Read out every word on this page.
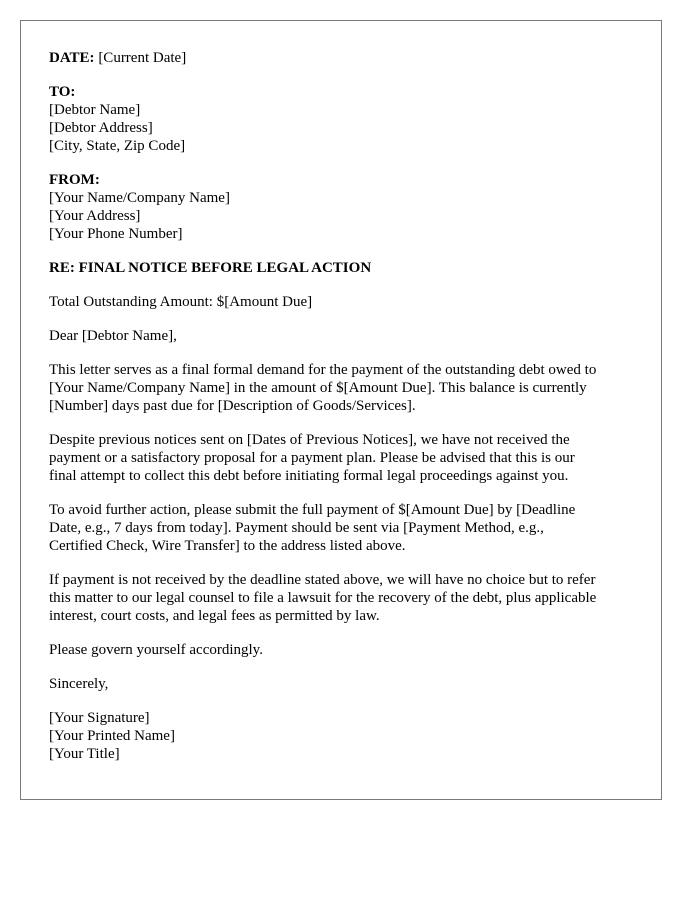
DATE: [Current Date]
TO:
[Debtor Name]
[Debtor Address]
[City, State, Zip Code]
FROM:
[Your Name/Company Name]
[Your Address]
[Your Phone Number]

RE: FINAL NOTICE BEFORE LEGAL ACTION

Total Outstanding Amount: $[Amount Due]

Dear [Debtor Name],

This letter serves as a final formal demand for the payment of the outstanding debt owed to
[Your Name/Company Name] in the amount of $[Amount Due]. This balance is currently
[Number] days past due for [Description of Goods/Services].

Despite previous notices sent on [Dates of Previous Notices], we have not received the
payment or a satisfactory proposal for a payment plan. Please be advised that this is our
final attempt to collect this debt before initiating formal legal proceedings against you.

To avoid further action, please submit the full payment of $[Amount Due] by [Deadline
Date, e.g., 7 days from today]. Payment should be sent via [Payment Method, e.g.,
Certified Check, Wire Transfer] to the address listed above.

If payment is not received by the deadline stated above, we will have no choice but to refer
this matter to our legal counsel to file a lawsuit for the recovery of the debt, plus applicable
interest, court costs, and legal fees as permitted by law.

Please govern yourself accordingly.

Sincerely,

[Your Signature]
[Your Printed Name]
[Your Title]
